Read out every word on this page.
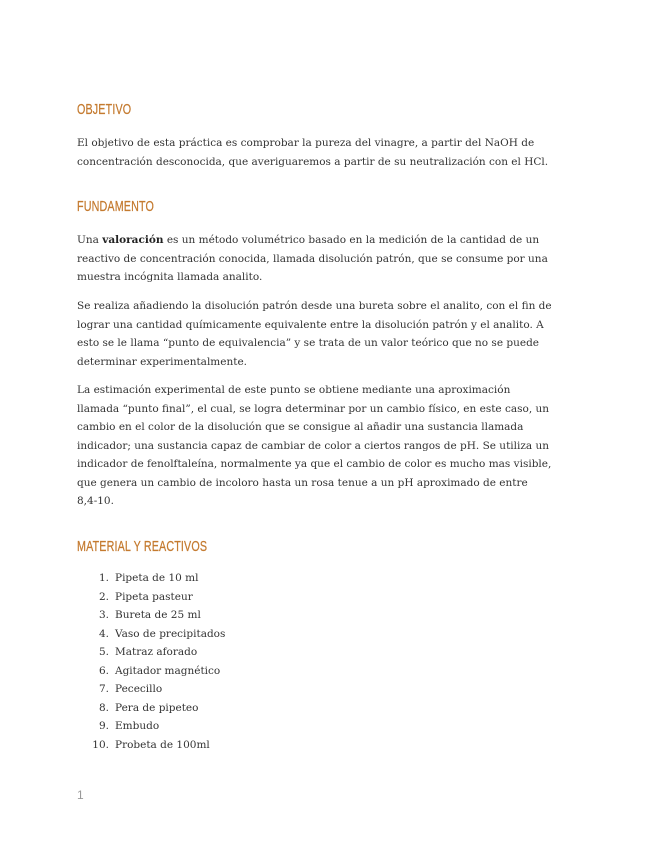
OBJETIVO
El objetivo de esta práctica es comprobar la pureza del vinagre, a partir del NaOH de
concentración desconocida, que averiguaremos a partir de su neutralización con el HCl.
FUNDAMENTO
Una valoración es un método volumétrico basado en la medición de la cantidad de un
reactivo de concentración conocida, llamada disolución patrón, que se consume por una
muestra incógnita llamada analito.
Se realiza añadiendo la disolución patrón desde una bureta sobre el analito, con el fin de
lograr una cantidad químicamente equivalente entre la disolución patrón y el analito. A
esto se le llama “punto de equivalencia” y se trata de un valor teórico que no se puede
determinar experimentalmente.
La estimación experimental de este punto se obtiene mediante una aproximación
llamada “punto final”, el cual, se logra determinar por un cambio físico, en este caso, un
cambio en el color de la disolución que se consigue al añadir una sustancia llamada
indicador; una sustancia capaz de cambiar de color a ciertos rangos de pH. Se utiliza un
indicador de fenolftaleína, normalmente ya que el cambio de color es mucho mas visible,
que genera un cambio de incoloro hasta un rosa tenue a un pH aproximado de entre
8,4-10.
MATERIAL Y REACTIVOS
1. Pipeta de 10 ml
2. Pipeta pasteur
3. Bureta de 25 ml
4. Vaso de precipitados
5. Matraz aforado
6. Agitador magnético
7. Pececillo
8. Pera de pipeteo
9. Embudo
10. Probeta de 100ml
1
